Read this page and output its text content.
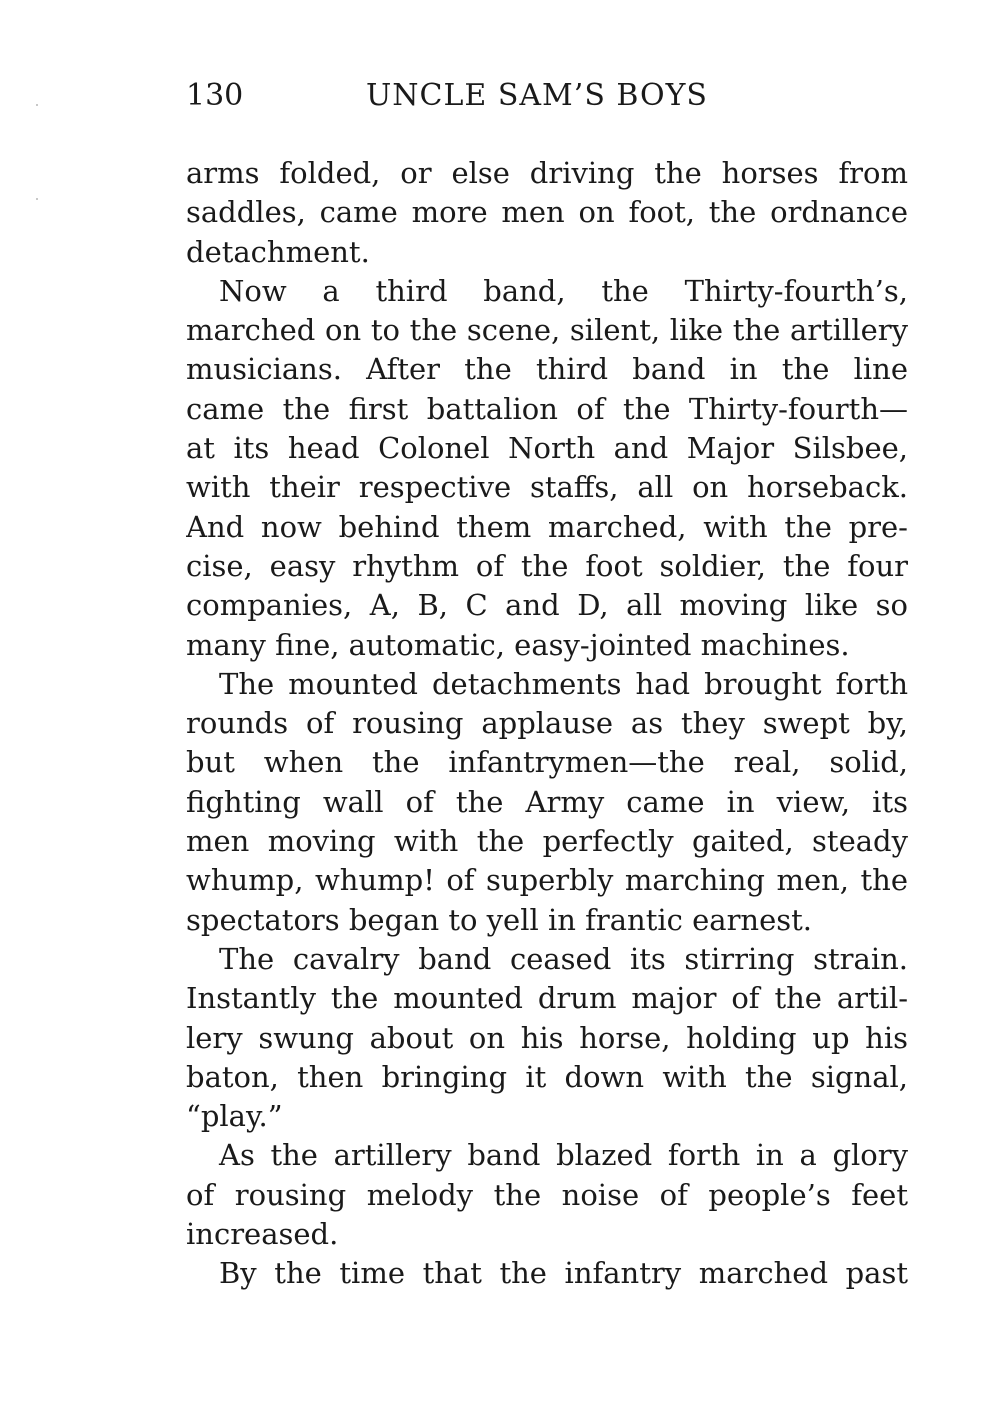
130	UNCLE SAM’S BOYS
arms folded, or else driving the horses from
saddles, came more men on foot, the ordnance
detachment.
Now a third band, the Thirty-fourth’s,
marched on to the scene, silent, like the artillery
musicians. After the third band in the line
came the first battalion of the Thirty-fourth—
at its head Colonel North and Major Silsbee,
with their respective staffs, all on horseback.
And now behind them marched, with the pre-
cise, easy rhythm of the foot soldier, the four
companies, A, B, C and D, all moving like so
many fine, automatic, easy-jointed machines.
The mounted detachments had brought forth
rounds of rousing applause as they swept by,
but when the infantrymen—the real, solid,
fighting wall of the Army came in view, its
men moving with the perfectly gaited, steady
whump, whump! of superbly marching men, the
spectators began to yell in frantic earnest.
The cavalry band ceased its stirring strain.
Instantly the mounted drum major of the artil-
lery swung about on his horse, holding up his
baton, then bringing it down with the signal,
“play.”
As the artillery band blazed forth in a glory
of rousing melody the noise of people’s feet
increased.
By the time that the infantry marched past
